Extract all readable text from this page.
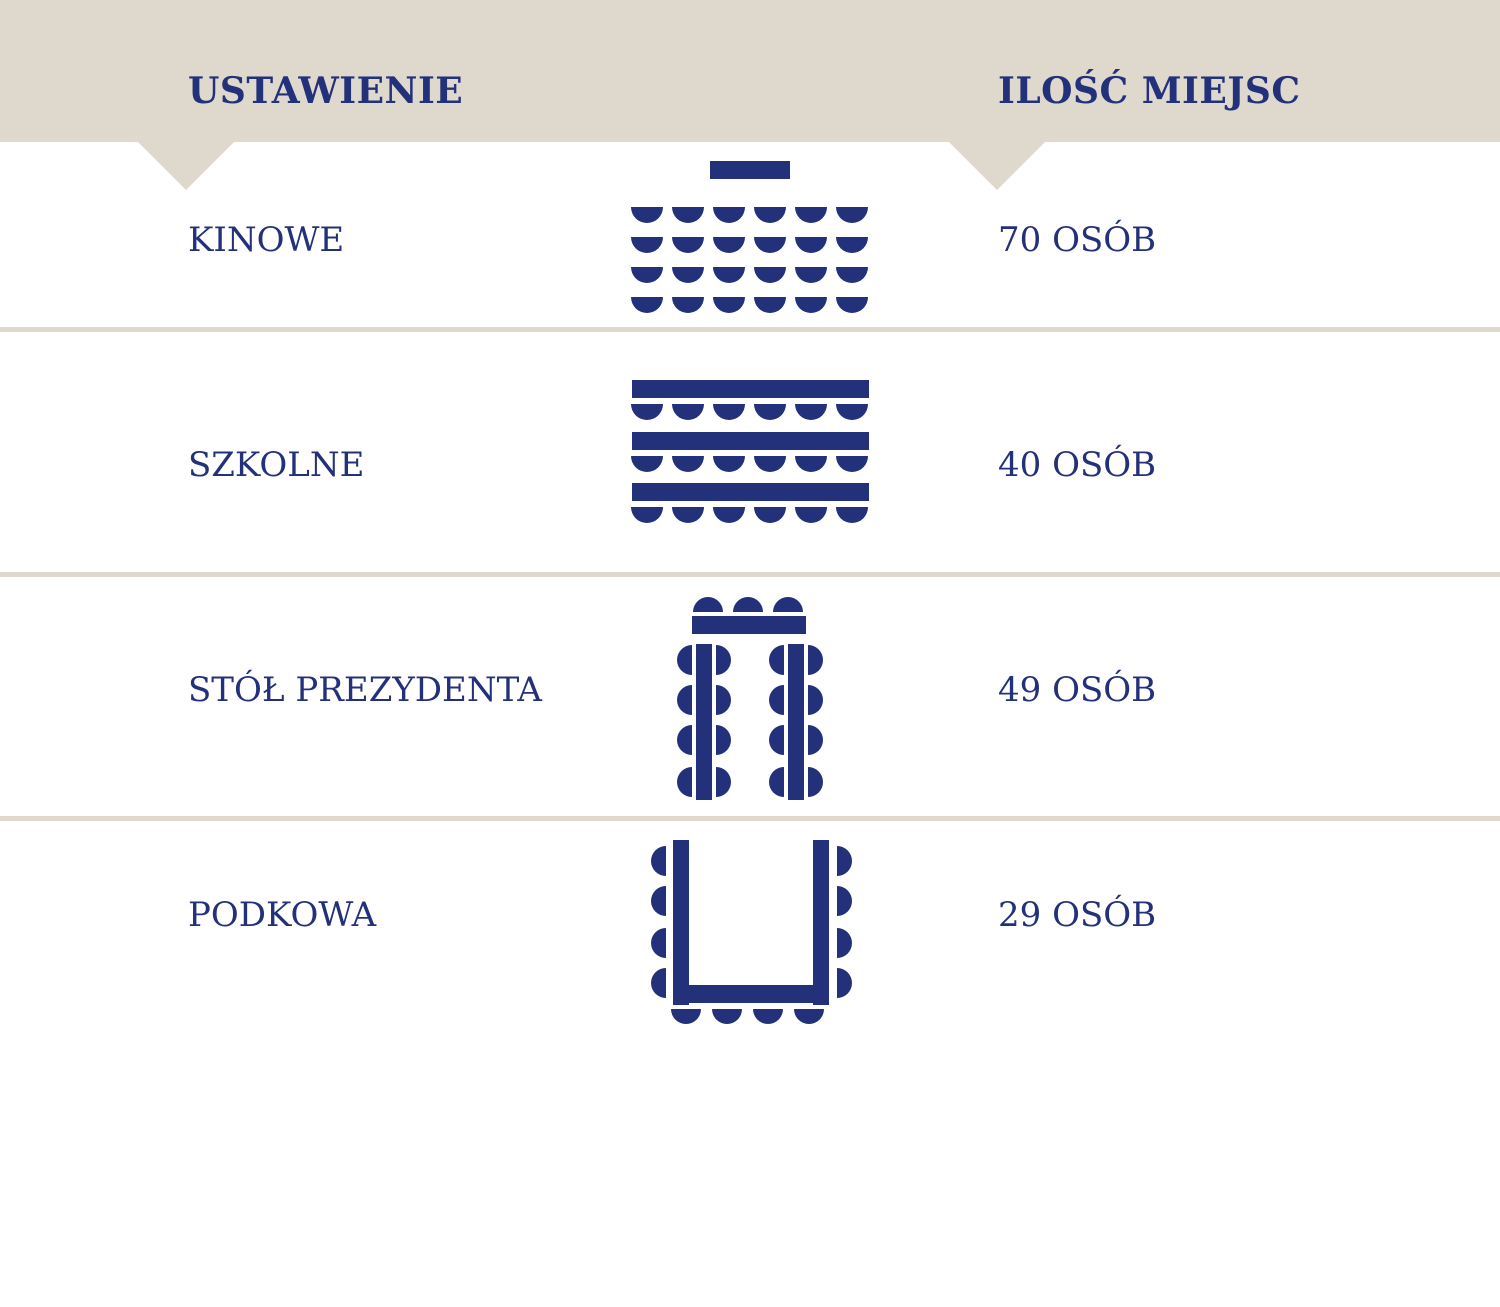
USTAWIENIE	ILOŚĆ MIEJSC
KINOWE	70 OSÓB
SZKOLNE	40 OSÓB
STÓŁ PREZYDENTA	49 OSÓB
PODKOWA	29 OSÓB
